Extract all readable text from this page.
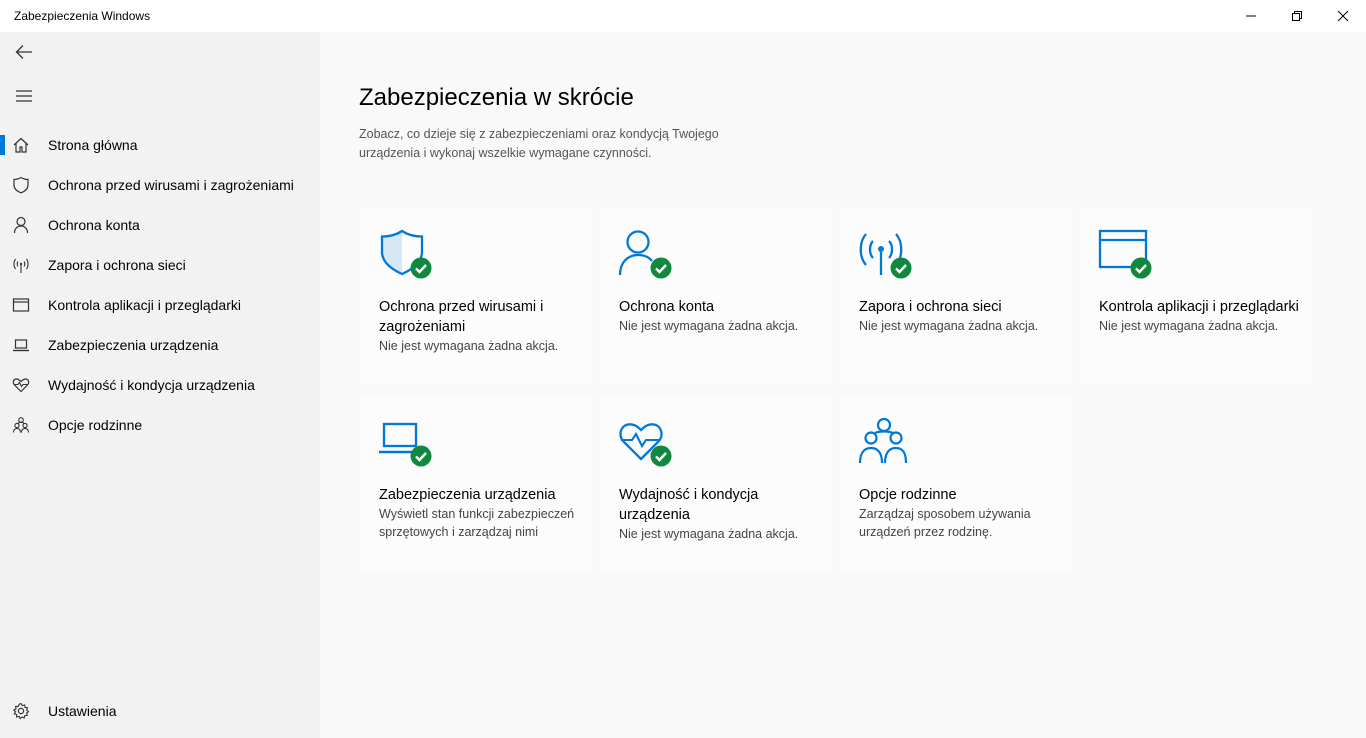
Zabezpieczenia Windows
Strona główna
Ochrona przed wirusami i zagrożeniami
Ochrona konta
Zapora i ochrona sieci
Kontrola aplikacji i przeglądarki
Zabezpieczenia urządzenia
Wydajność i kondycja urządzenia
Opcje rodzinne
Ustawienia
Zabezpieczenia w skrócie

Zobacz, co dzieje się z zabezpieczeniami oraz kondycją Twojego urządzenia i wykonaj wszelkie wymagane czynności.

Ochrona przed wirusami i zagrożeniami
Nie jest wymagana żadna akcja.
Ochrona konta
Nie jest wymagana żadna akcja.
Zapora i ochrona sieci
Nie jest wymagana żadna akcja.
Kontrola aplikacji i przeglądarki
Nie jest wymagana żadna akcja.
Zabezpieczenia urządzenia
Wyświetl stan funkcji zabezpieczeń sprzętowych i zarządzaj nimi
Wydajność i kondycja urządzenia
Nie jest wymagana żadna akcja.
Opcje rodzinne
Zarządzaj sposobem używania urządzeń przez rodzinę.
